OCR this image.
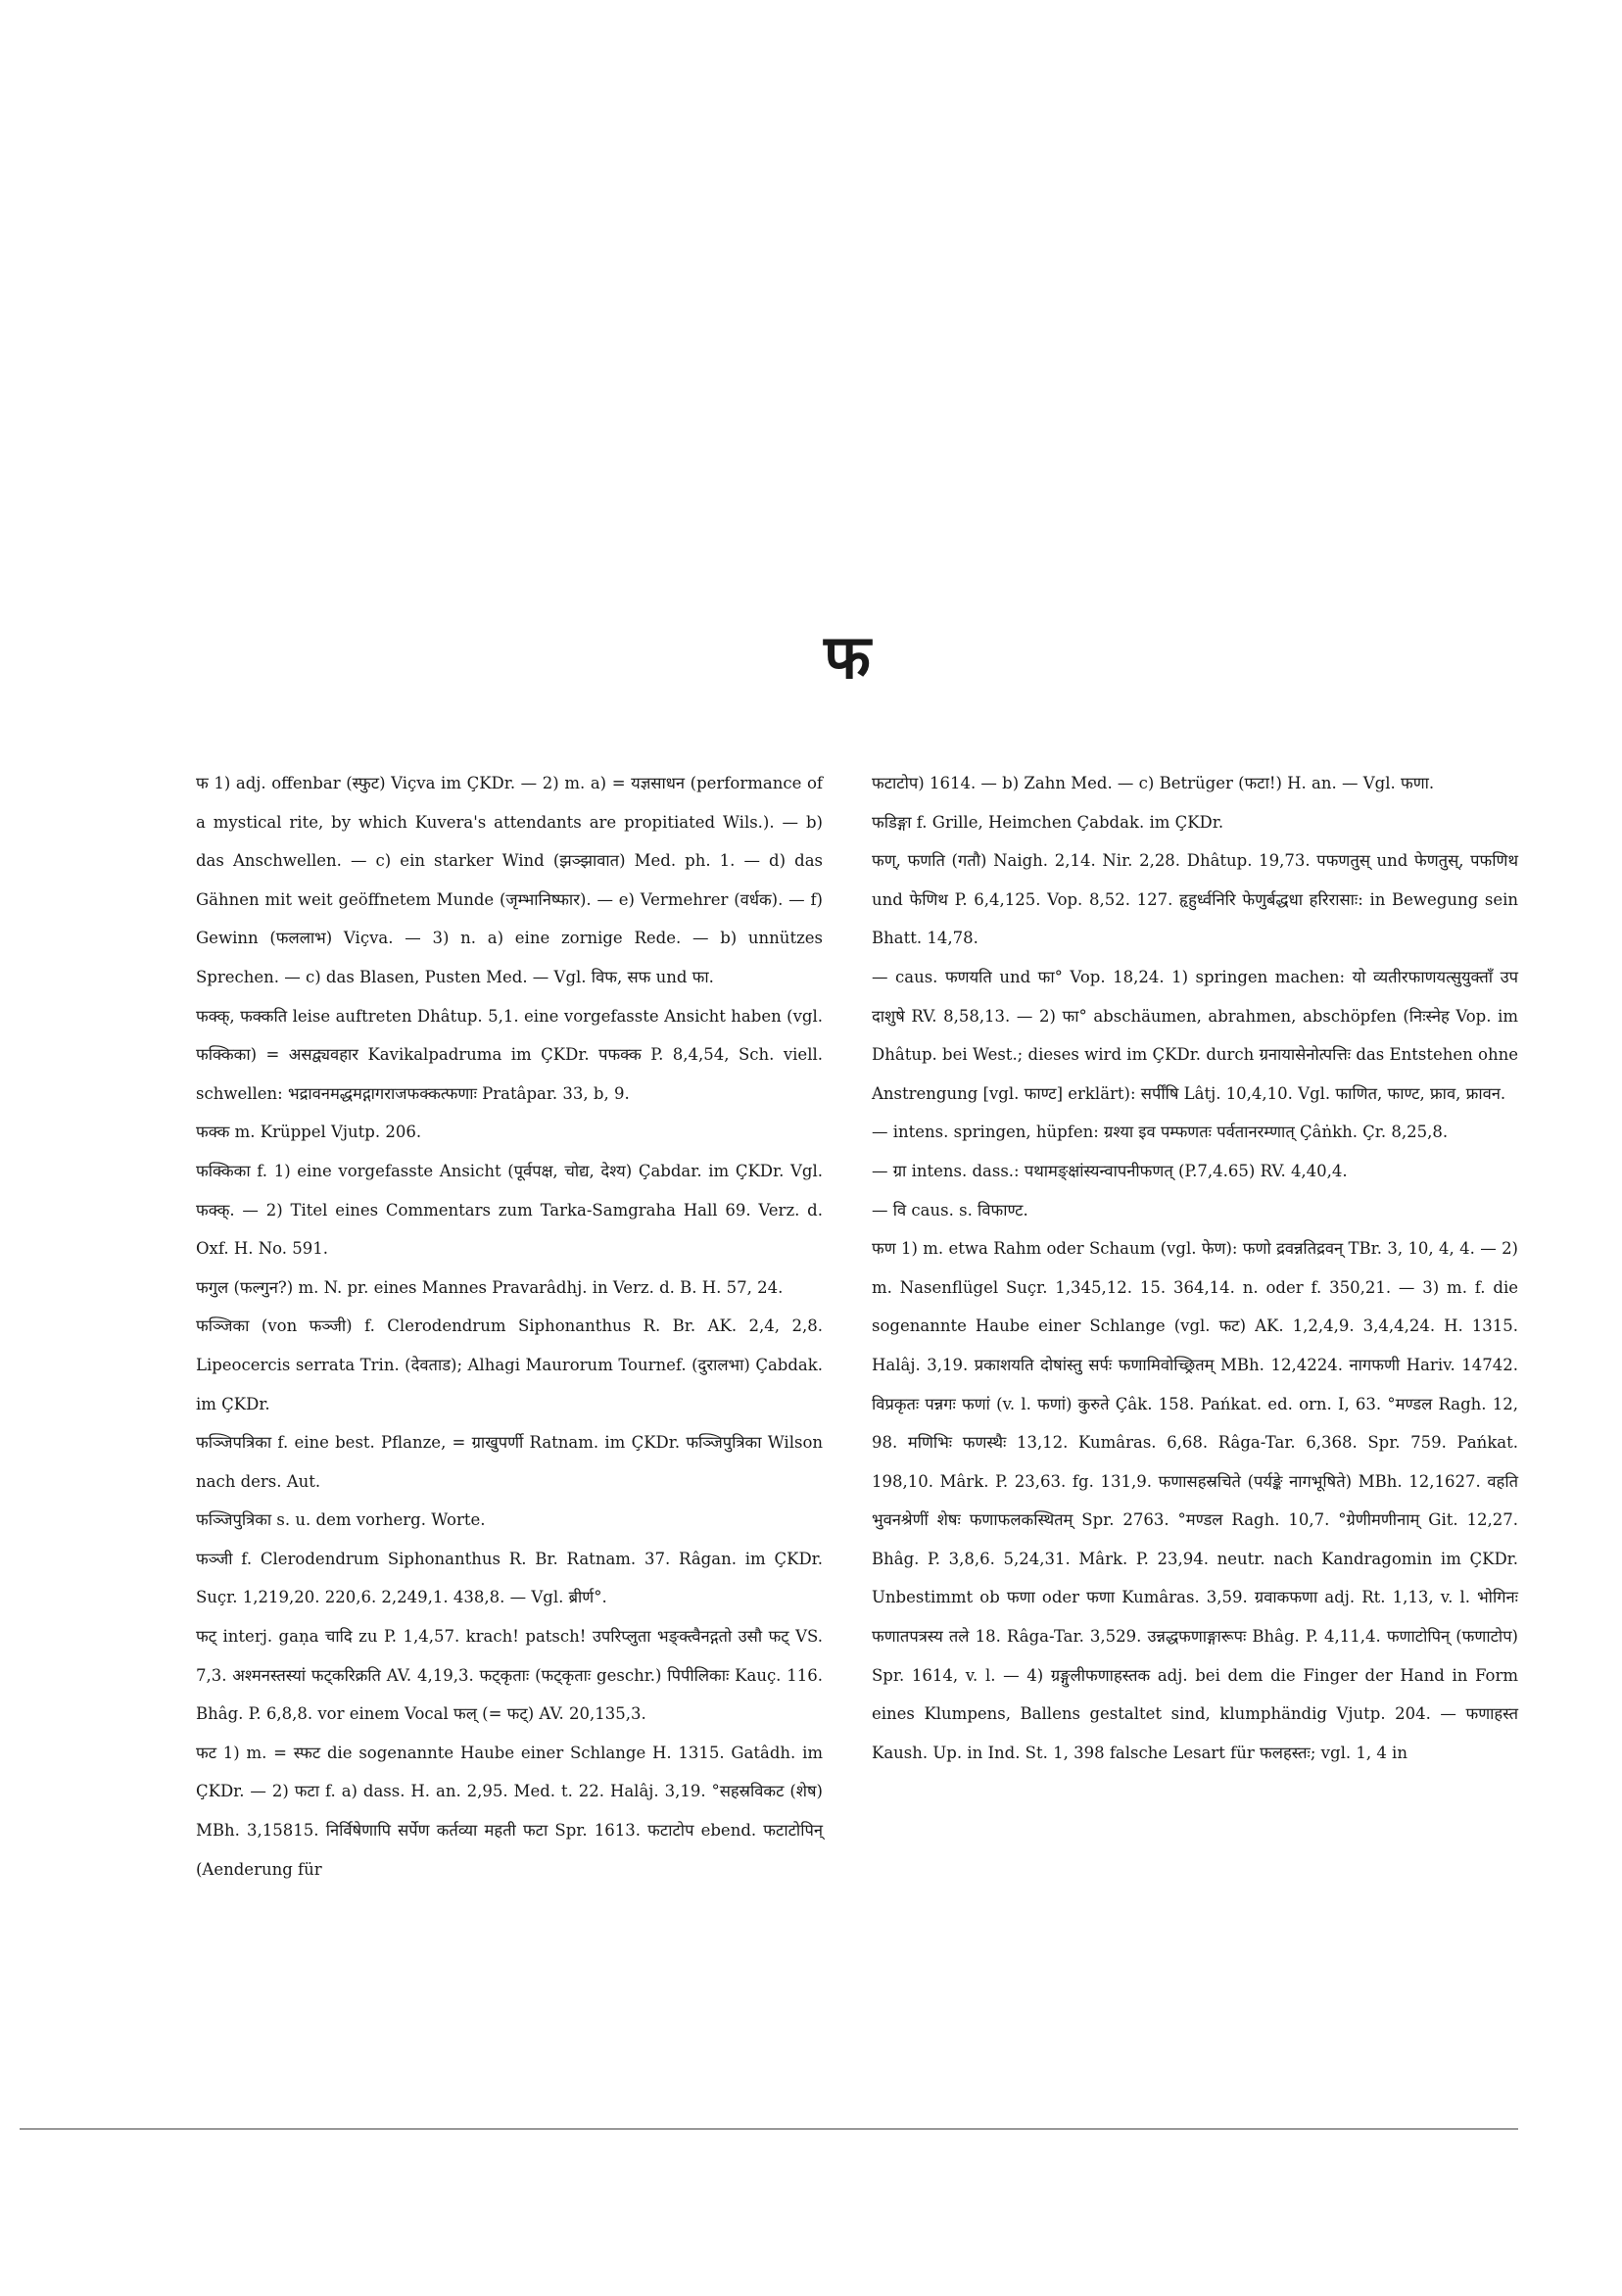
फ

फ 1) adj. offenbar (स्फुट) Viçva im ÇKDr. — 2) m. a) = यज्ञसाधन (performance of a mystical rite, by which Kuvera's attendants are propitiated Wils.). — b) das Anschwellen. — c) ein starker Wind (झञ्झावात) Med. ph. 1. — d) das Gähnen mit weit geöffnetem Munde (जृम्भानिष्फार). — e) Vermehrer (वर्धक). — f) Gewinn (फललाभ) Viçva. — 3) n. a) eine zornige Rede. — b) unnützes Sprechen. — c) das Blasen, Pusten Med. — Vgl. विफ, सफ und फा.

फक्क्, फक्कति leise auftreten Dhâtup. 5,1. eine vorgefasste Ansicht haben (vgl. फक्किका) = असद्व्यवहार Kavikalpadruma im ÇKDr. पफक्क P. 8,4,54, Sch. viell. schwellen: भद्रावनमद्धमद्गागराजफक्कत्फणाः Pratâpar. 33, b, 9.

फक्क m. Krüppel Vjutp. 206.

फक्किका f. 1) eine vorgefasste Ansicht (पूर्वपक्ष, चोद्य, देश्य) Çabdar. im ÇKDr. Vgl. फक्क्. — 2) Titel eines Commentars zum Tarka-Samgraha Hall 69. Verz. d. Oxf. H. No. 591.

फगुल (फल्गुन?) m. N. pr. eines Mannes Pravarâdhj. in Verz. d. B. H. 57, 24.

फञ्जिका (von फञ्जी) f. Clerodendrum Siphonanthus R. Br. AK. 2,4, 2,8. Lipeocercis serrata Trin. (देवताड); Alhagi Maurorum Tournef. (दुरालभा) Çabdak. im ÇKDr.

फञ्जिपत्रिका f. eine best. Pflanze, = ग्राखुपर्णी Ratnam. im ÇKDr. फञ्जिपुत्रिका Wilson nach ders. Aut.

फञ्जिपुत्रिका s. u. dem vorherg. Worte.

फञ्जी f. Clerodendrum Siphonanthus R. Br. Ratnam. 37. Râgan. im ÇKDr. Suçr. 1,219,20. 220,6. 2,249,1. 438,8. — Vgl. ब्रीर्ण°.

फट् interj. gaṇa चादि zu P. 1,4,57. krach! patsch! उपरिप्लुता भङ्क्त्वैनद्गतो उसौ फट् VS. 7,3. अश्मनस्तस्यां फट्करिक्रति AV. 4,19,3. फट्कृताः (फट्कृताः geschr.) पिपीलिकाः Kauç. 116. Bhâg. P. 6,8,8. vor einem Vocal फल् (= फट्) AV. 20,135,3.

फट 1) m. = स्फट die sogenannte Haube einer Schlange H. 1315. Gatâdh. im ÇKDr. — 2) फटा f. a) dass. H. an. 2,95. Med. t. 22. Halâj. 3,19. °सहस्रविकट (शेष) MBh. 3,15815. निर्विषेणापि सर्पेण कर्तव्या महती फटा Spr. 1613. फटाटोप ebend. फटाटोपिन् (Aenderung für

फटाटोप) 1614. — b) Zahn Med. — c) Betrüger (फटा!) H. an. — Vgl. फणा.

फडिङ्गा f. Grille, Heimchen Çabdak. im ÇKDr.

फण्, फणति (गतौ) Naigh. 2,14. Nir. 2,28. Dhâtup. 19,73. पफणतुस् und फेणतुस्, पफणिथ und फेणिथ P. 6,4,125. Vop. 8,52. 127. हृहुर्ध्वनिरि फेणुर्बद्धधा हरिरासाः: in Bewegung sein Bhatt. 14,78.

— caus. फणयति und फा° Vop. 18,24. 1) springen machen: यो व्यतीरफाणयत्सुयुक्ताँ उप दाशुषे RV. 8,58,13. — 2) फा° abschäumen, abrahmen, abschöpfen (निःस्नेह Vop. im Dhâtup. bei West.; dieses wird im ÇKDr. durch ग्रनायासेनोत्पत्तिः das Entstehen ohne Anstrengung [vgl. फाण्ट] erklärt): सर्पींषि Lâtj. 10,4,10. Vgl. फाणित, फाण्ट, फ्राव, फ्रावन.

— intens. springen, hüpfen: ग्रश्या इव पम्फणतः पर्वतानरम्णात् Çâṅkh. Çr. 8,25,8.

— ग्रा intens. dass.: पथामङ्क्षांस्यन्वापनीफणत् (P.7,4.65) RV. 4,40,4.

— वि caus. s. विफाण्ट.

फण 1) m. etwa Rahm oder Schaum (vgl. फेण): फणो द्रवन्नतिद्रवन् TBr. 3, 10, 4, 4. — 2) m. Nasenflügel Suçr. 1,345,12. 15. 364,14. n. oder f. 350,21. — 3) m. f. die sogenannte Haube einer Schlange (vgl. फट) AK. 1,2,4,9. 3,4,4,24. H. 1315. Halâj. 3,19. प्रकाशयति दोषांस्तु सर्पः फणामिवोच्छ्रितम् MBh. 12,4224. नागफणी Hariv. 14742. विप्रकृतः पन्नगः फणां (v. l. फणां) कुरुते Çâk. 158. Pańkat. ed. orn. I, 63. °मण्डल Ragh. 12, 98. मणिभिः फणस्थैः 13,12. Kumâras. 6,68. Râga-Tar. 6,368. Spr. 759. Pańkat. 198,10. Mârk. P. 23,63. fg. 131,9. फणासहस्रचिते (पर्यङ्के नागभूषिते) MBh. 12,1627. वहति भुवनश्रेणीं शेषः फणाफलकस्थितम् Spr. 2763. °मण्डल Ragh. 10,7. °ग्रेणीमणीनाम् Git. 12,27. Bhâg. P. 3,8,6. 5,24,31. Mârk. P. 23,94. neutr. nach Kandragomin im ÇKDr. Unbestimmt ob फणा oder फणा Kumâras. 3,59. ग्रवाकफणा adj. Rt. 1,13, v. l. भोगिनः फणातपत्रस्य तले 18. Râga-Tar. 3,529. उन्नद्धफणाङ्गारूपः Bhâg. P. 4,11,4. फणाटोपिन् (फणाटोप) Spr. 1614, v. l. — 4) ग्रङ्गुलीफणाहस्तक adj. bei dem die Finger der Hand in Form eines Klumpens, Ballens gestaltet sind, klumphändig Vjutp. 204. — फणाहस्त Kaush. Up. in Ind. St. 1, 398 falsche Lesart für फलहस्तः; vgl. 1, 4 in
